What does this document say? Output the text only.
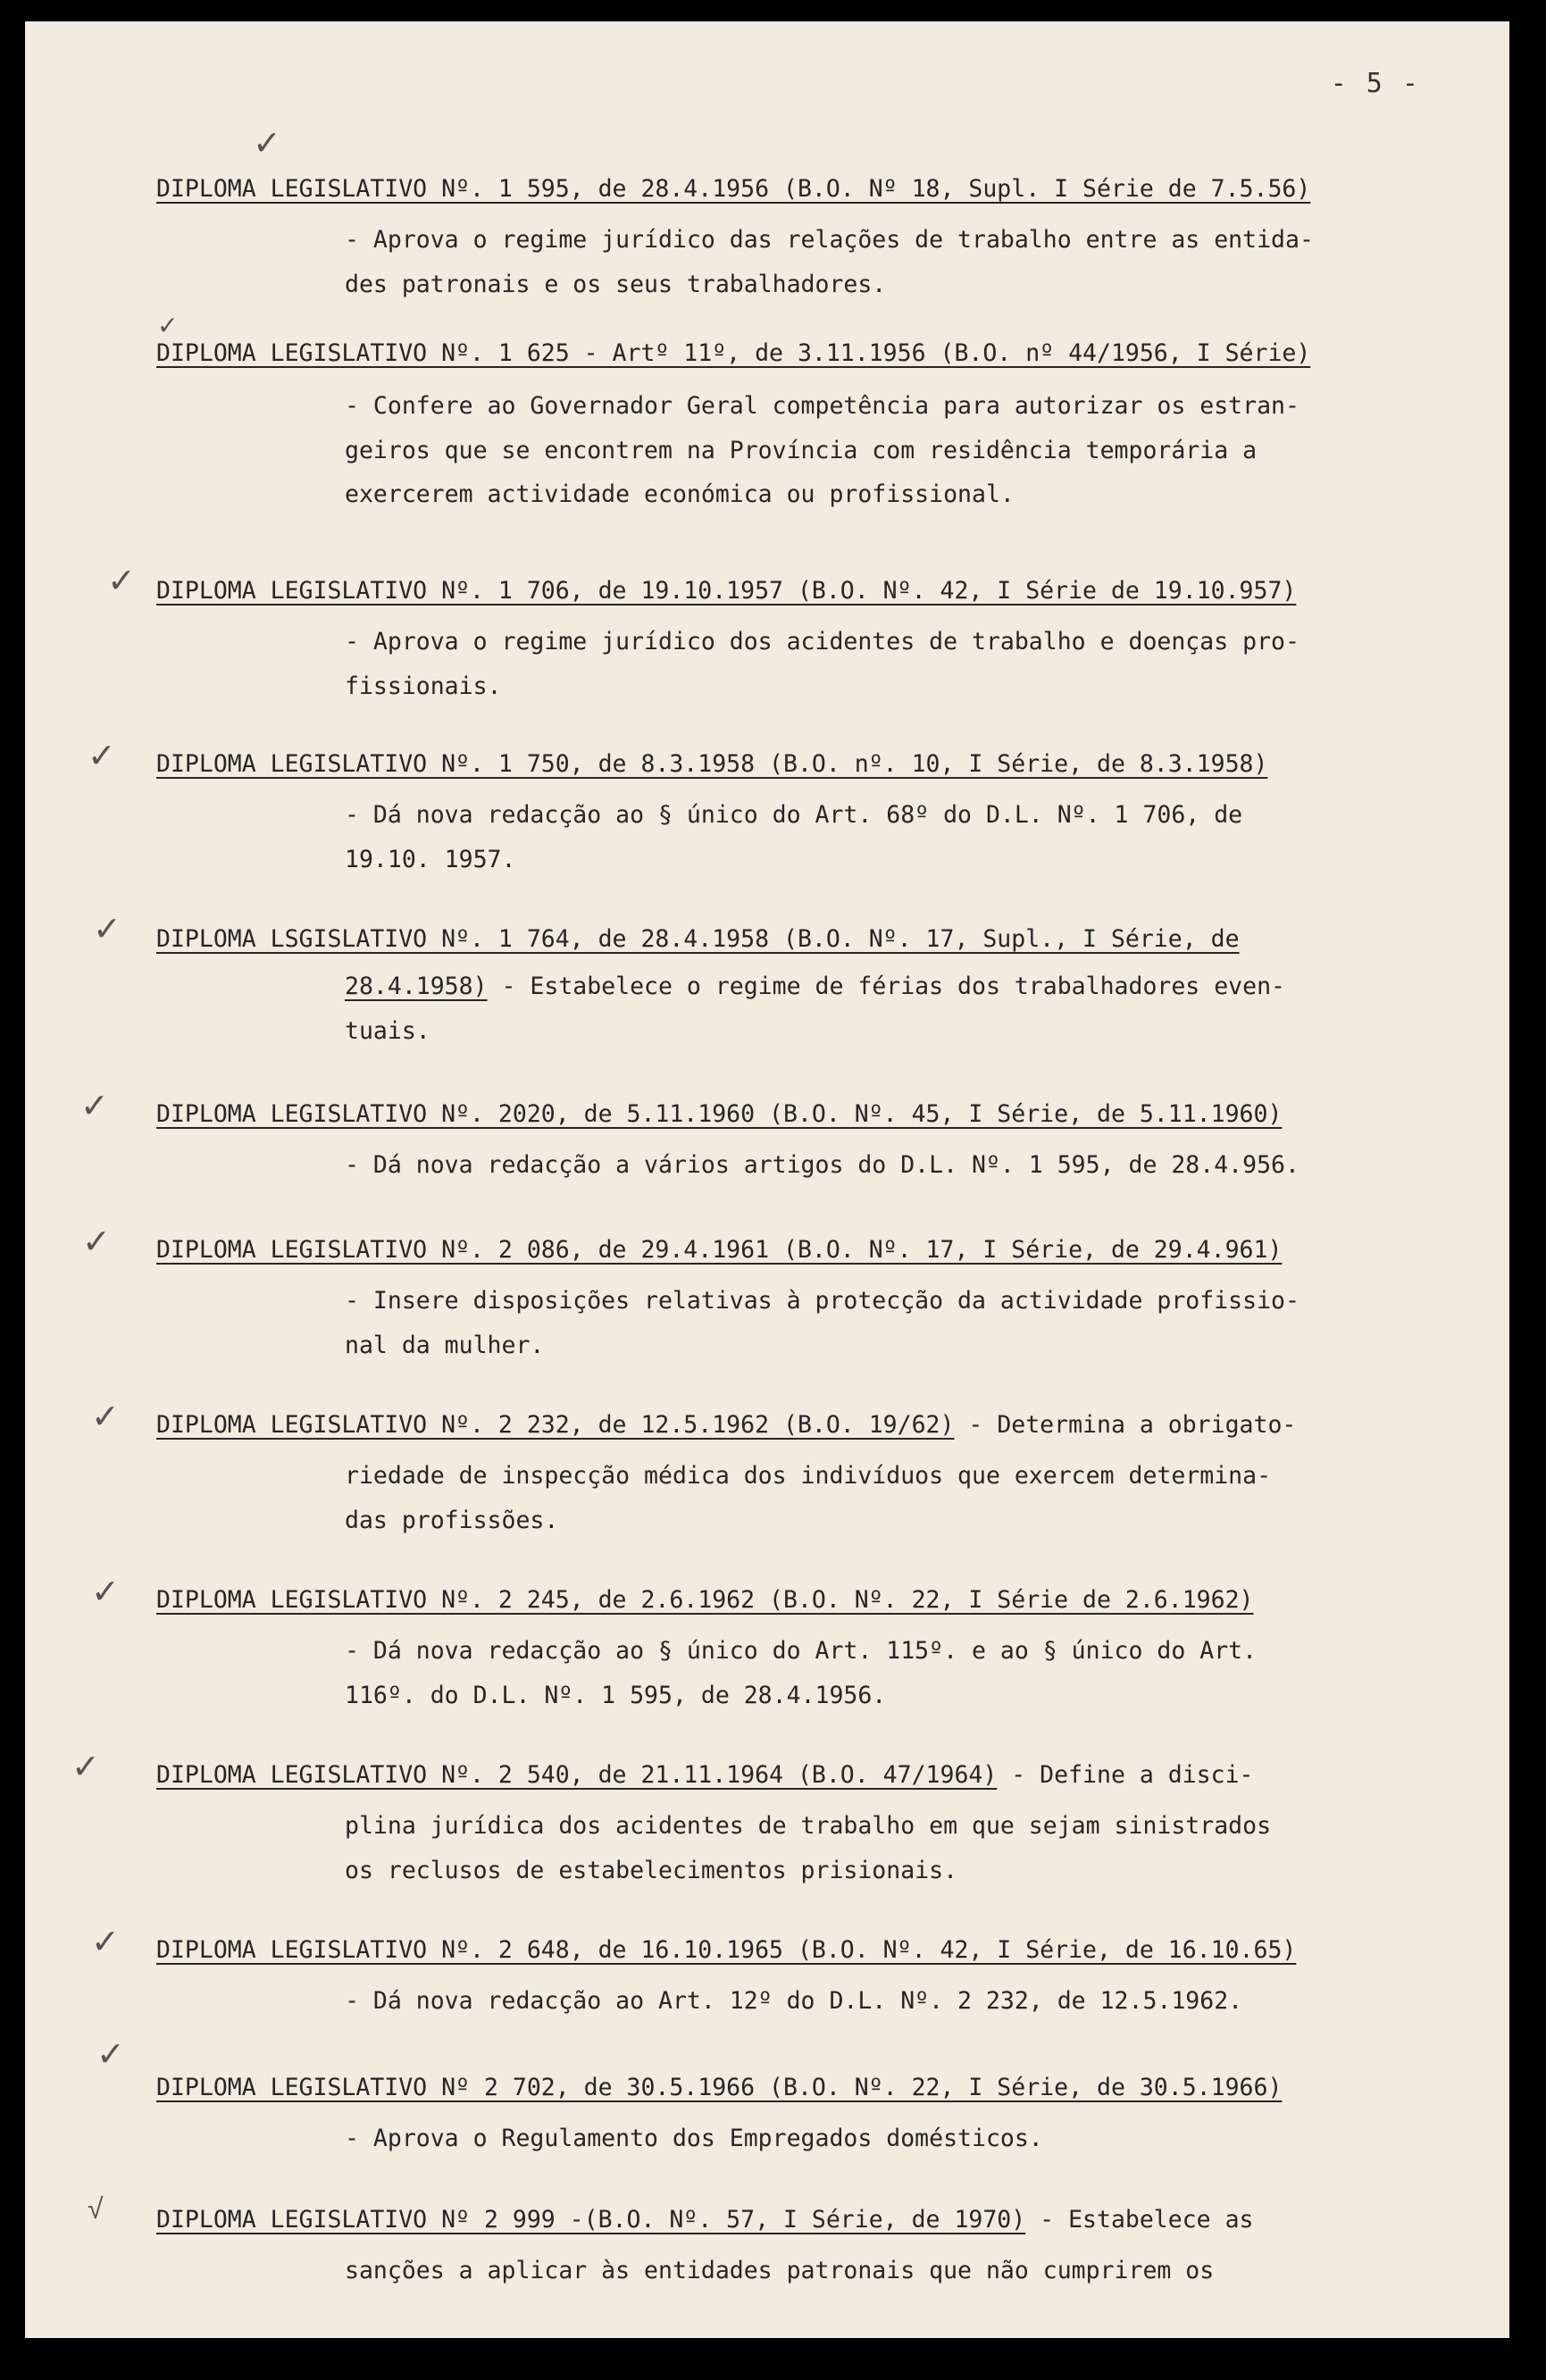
- 5 -
✓
DIPLOMA LEGISLATIVO Nº. 1 595, de 28.4.1956 (B.O. Nº 18, Supl. I Série de 7.5.56)
- Aprova o regime jurídico das relações de trabalho entre as entida-
des patronais e os seus trabalhadores.
✓
DIPLOMA LEGISLATIVO Nº. 1 625 - Artº 11º, de 3.11.1956 (B.O. nº 44/1956, I Série)
- Confere ao Governador Geral competência para autorizar os estran-
geiros que se encontrem na Província com residência temporária a
exercerem actividade económica ou profissional.
✓ DIPLOMA LEGISLATIVO Nº. 1 706, de 19.10.1957 (B.O. Nº. 42, I Série de 19.10.957)
- Aprova o regime jurídico dos acidentes de trabalho e doenças pro-
fissionais.
✓ DIPLOMA LEGISLATIVO Nº. 1 750, de 8.3.1958 (B.O. nº. 10, I Série, de 8.3.1958)
- Dá nova redacção ao § único do Art. 68º do D.L. Nº. 1 706, de
19.10. 1957.
✓ DIPLOMA LSGISLATIVO Nº. 1 764, de 28.4.1958 (B.O. Nº. 17, Supl., I Série, de
28.4.1958) - Estabelece o regime de férias dos trabalhadores even-
tuais.
✓ DIPLOMA LEGISLATIVO Nº. 2020, de 5.11.1960 (B.O. Nº. 45, I Série, de 5.11.1960)
- Dá nova redacção a vários artigos do D.L. Nº. 1 595, de 28.4.956.
✓ DIPLOMA LEGISLATIVO Nº. 2 086, de 29.4.1961 (B.O. Nº. 17, I Série, de 29.4.961)
- Insere disposições relativas à protecção da actividade profissio-
nal da mulher.
✓ DIPLOMA LEGISLATIVO Nº. 2 232, de 12.5.1962 (B.O. 19/62) - Determina a obrigato-
riedade de inspecção médica dos indivíduos que exercem determina-
das profissões.
✓ DIPLOMA LEGISLATIVO Nº. 2 245, de 2.6.1962 (B.O. Nº. 22, I Série de 2.6.1962)
- Dá nova redacção ao § único do Art. 115º. e ao § único do Art.
116º. do D.L. Nº. 1 595, de 28.4.1956.
✓ DIPLOMA LEGISLATIVO Nº. 2 540, de 21.11.1964 (B.O. 47/1964) - Define a disci-
plina jurídica dos acidentes de trabalho em que sejam sinistrados
os reclusos de estabelecimentos prisionais.
✓ DIPLOMA LEGISLATIVO Nº. 2 648, de 16.10.1965 (B.O. Nº. 42, I Série, de 16.10.65)
- Dá nova redacção ao Art. 12º do D.L. Nº. 2 232, de 12.5.1962.
✓
DIPLOMA LEGISLATIVO Nº 2 702, de 30.5.1966 (B.O. Nº. 22, I Série, de 30.5.1966)
- Aprova o Regulamento dos Empregados domésticos.
√ DIPLOMA LEGISLATIVO Nº 2 999 -(B.O. Nº. 57, I Série, de 1970) - Estabelece as
sanções a aplicar às entidades patronais que não cumprirem os
